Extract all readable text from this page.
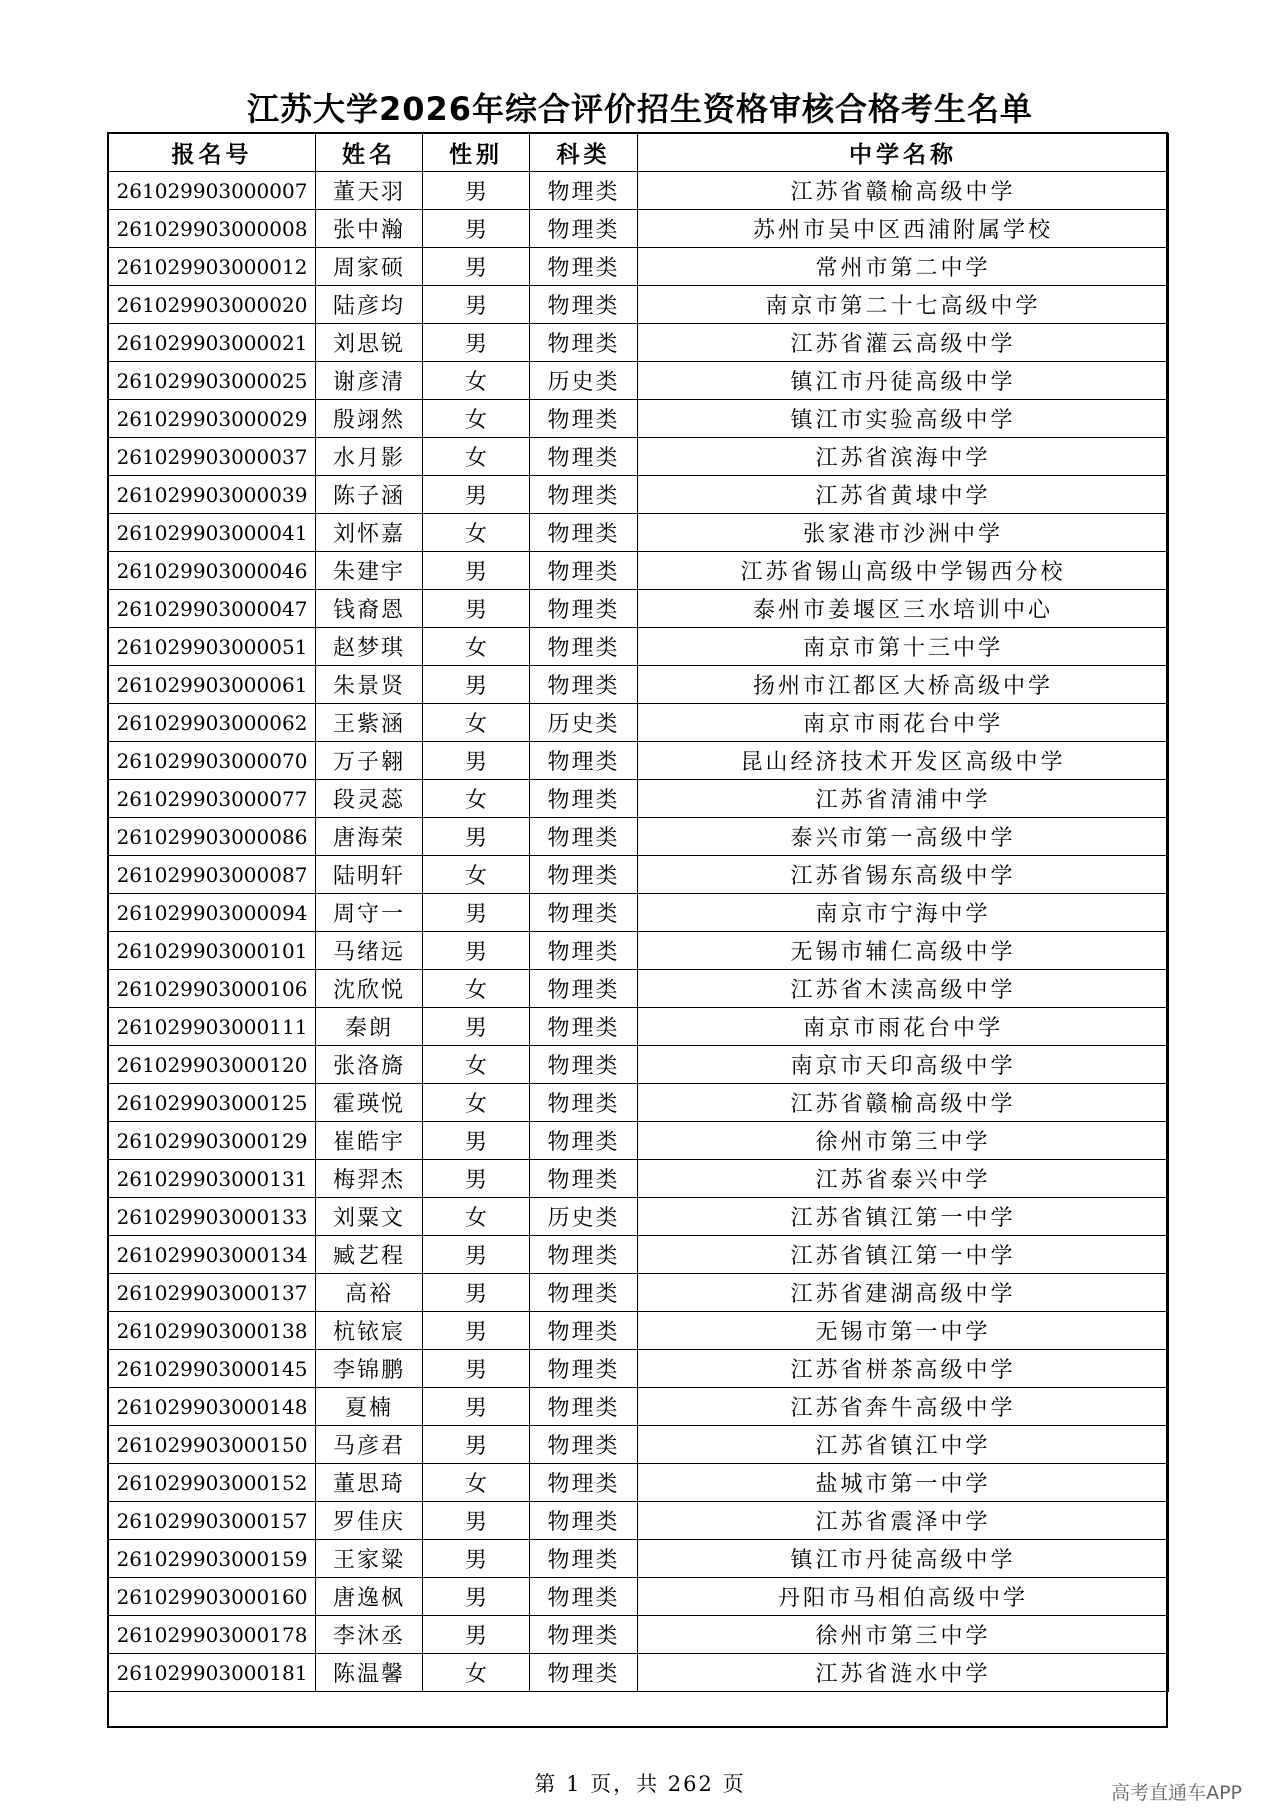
江苏大学2026年综合评价招生资格审核合格考生名单
报名号	姓名	性别	科类	中学名称
261029903000007	董天羽	男	物理类	江苏省赣榆高级中学
261029903000008	张中瀚	男	物理类	苏州市吴中区西浦附属学校
261029903000012	周家硕	男	物理类	常州市第二中学
261029903000020	陆彦均	男	物理类	南京市第二十七高级中学
261029903000021	刘思锐	男	物理类	江苏省灌云高级中学
261029903000025	谢彦清	女	历史类	镇江市丹徒高级中学
261029903000029	殷翊然	女	物理类	镇江市实验高级中学
261029903000037	水月影	女	物理类	江苏省滨海中学
261029903000039	陈子涵	男	物理类	江苏省黄埭中学
261029903000041	刘怀嘉	女	物理类	张家港市沙洲中学
261029903000046	朱建宇	男	物理类	江苏省锡山高级中学锡西分校
261029903000047	钱裔恩	男	物理类	泰州市姜堰区三水培训中心
261029903000051	赵梦琪	女	物理类	南京市第十三中学
261029903000061	朱景贤	男	物理类	扬州市江都区大桥高级中学
261029903000062	王紫涵	女	历史类	南京市雨花台中学
261029903000070	万子翱	男	物理类	昆山经济技术开发区高级中学
261029903000077	段灵蕊	女	物理类	江苏省清浦中学
261029903000086	唐海荣	男	物理类	泰兴市第一高级中学
261029903000087	陆明轩	女	物理类	江苏省锡东高级中学
261029903000094	周守一	男	物理类	南京市宁海中学
261029903000101	马绪远	男	物理类	无锡市辅仁高级中学
261029903000106	沈欣悦	女	物理类	江苏省木渎高级中学
261029903000111	秦朗	男	物理类	南京市雨花台中学
261029903000120	张洛旖	女	物理类	南京市天印高级中学
261029903000125	霍瑛悦	女	物理类	江苏省赣榆高级中学
261029903000129	崔皓宇	男	物理类	徐州市第三中学
261029903000131	梅羿杰	男	物理类	江苏省泰兴中学
261029903000133	刘粟文	女	历史类	江苏省镇江第一中学
261029903000134	臧艺程	男	物理类	江苏省镇江第一中学
261029903000137	高裕	男	物理类	江苏省建湖高级中学
261029903000138	杭铱宸	男	物理类	无锡市第一中学
261029903000145	李锦鹏	男	物理类	江苏省栟茶高级中学
261029903000148	夏楠	男	物理类	江苏省奔牛高级中学
261029903000150	马彦君	男	物理类	江苏省镇江中学
261029903000152	董思琦	女	物理类	盐城市第一中学
261029903000157	罗佳庆	男	物理类	江苏省震泽中学
261029903000159	王家粱	男	物理类	镇江市丹徒高级中学
261029903000160	唐逸枫	男	物理类	丹阳市马相伯高级中学
261029903000178	李沐丞	男	物理类	徐州市第三中学
261029903000181	陈温馨	女	物理类	江苏省涟水中学
第 1 页，共 262 页	高考直通车APP
